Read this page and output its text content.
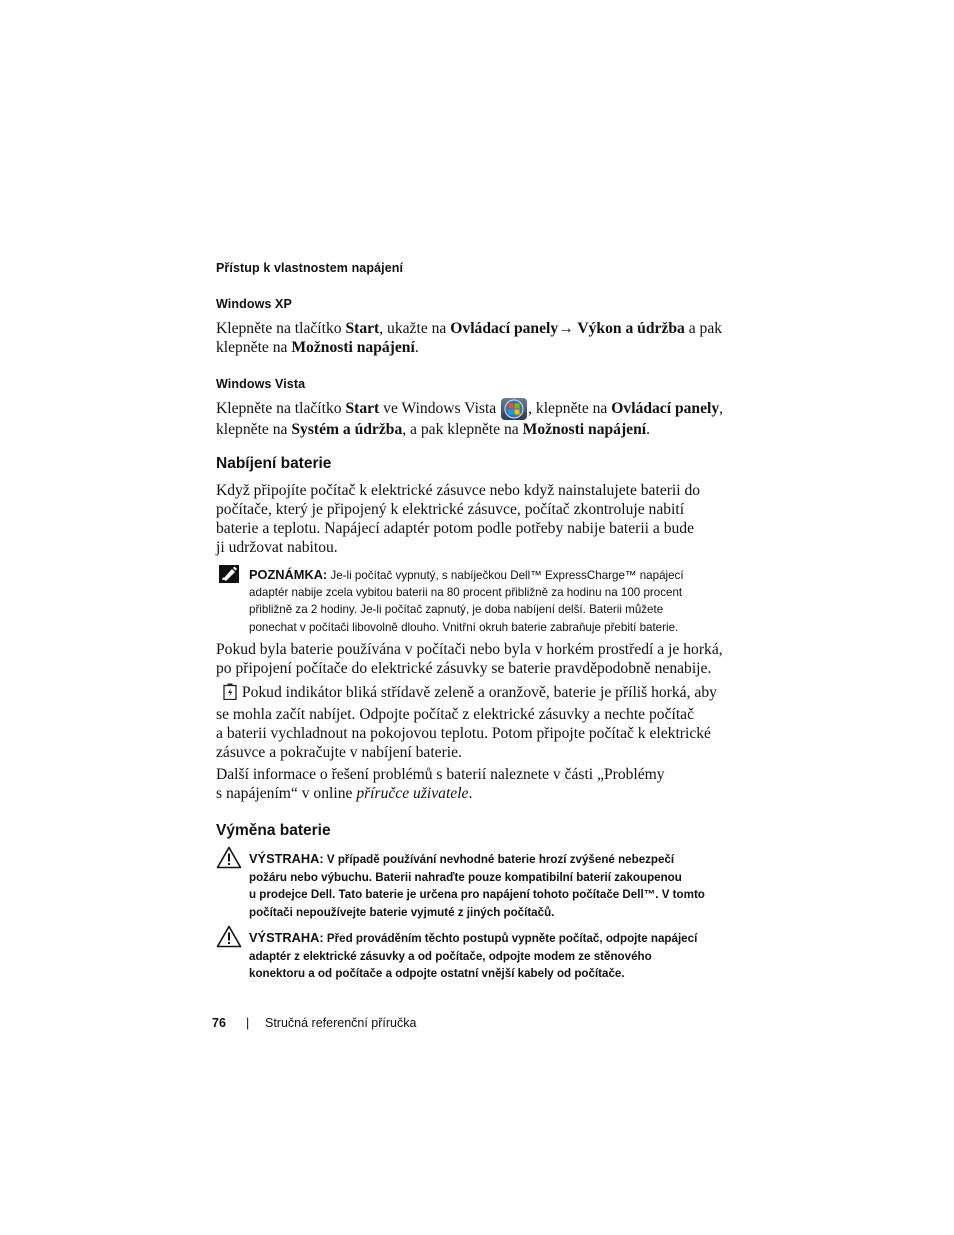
Přístup k vlastnostem napájení
Windows XP
Klepněte na tlačítko Start, ukažte na Ovládací panely→ Výkon a údržba a pak
klepněte na Možnosti napájení.
Windows Vista
Klepněte na tlačítko Start ve Windows Vista
, klepněte na Ovládací panely,
klepněte na Systém a údržba, a pak klepněte na Možnosti napájení.
Nabíjení baterie
Když připojíte počítač k elektrické zásuvce nebo když nainstalujete baterii do
počítače, který je připojený k elektrické zásuvce, počítač zkontroluje nabití
baterie a teplotu. Napájecí adaptér potom podle potřeby nabije baterii a bude
ji udržovat nabitou.
POZNÁMKA: Je-li počítač vypnutý, s nabíječkou Dell™ ExpressCharge™ napájecí
adaptér nabije zcela vybitou baterii na 80 procent přibližně za hodinu na 100 procent
přibližně za 2 hodiny. Je-li počítač zapnutý, je doba nabíjení delší. Baterii můžete
ponechat v počítači libovolně dlouho. Vnitřní okruh baterie zabraňuje přebití baterie.
Pokud byla baterie používána v počítači nebo byla v horkém prostředí a je horká,
po připojení počítače do elektrické zásuvky se baterie pravděpodobně nenabije.
Pokud indikátor bliká střídavě zeleně a oranžově, baterie je příliš horká, aby
se mohla začít nabíjet. Odpojte počítač z elektrické zásuvky a nechte počítač
a baterii vychladnout na pokojovou teplotu. Potom připojte počítač k elektrické
zásuvce a pokračujte v nabíjení baterie.
Další informace o řešení problémů s baterií naleznete v části „Problémy
s napájením“ v online příručce uživatele.
Výměna baterie
VÝSTRAHA: V případě používání nevhodné baterie hrozí zvýšené nebezpečí
požáru nebo výbuchu. Baterii nahraďte pouze kompatibilní baterií zakoupenou
u prodejce Dell. Tato baterie je určena pro napájení tohoto počítače Dell™. V tomto
počítači nepoužívejte baterie vyjmuté z jiných počítačů.
VÝSTRAHA: Před prováděním těchto postupů vypněte počítač, odpojte napájecí
adaptér z elektrické zásuvky a od počítače, odpojte modem ze stěnového
konektoru a od počítače a odpojte ostatní vnější kabely od počítače.
76 | Stručná referenční příručka
